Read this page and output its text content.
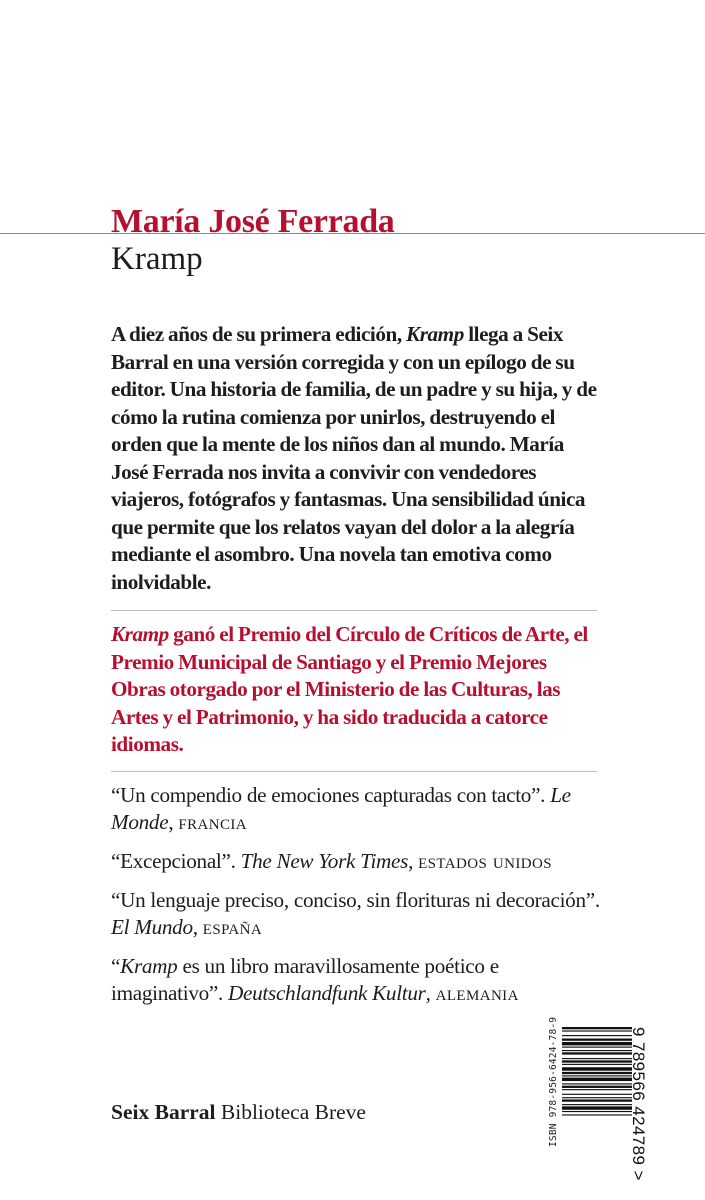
María José Ferrada
Kramp

A diez años de su primera edición, Kramp llega a Seix Barral en una versión corregida y con un epílogo de su editor. Una historia de familia, de un padre y su hija, y de cómo la rutina comienza por unirlos, destruyendo el orden que la mente de los niños dan al mundo. María José Ferrada nos invita a convivir con vendedores viajeros, fotógrafos y fantasmas. Una sensibilidad única que permite que los relatos vayan del dolor a la alegría mediante el asombro. Una novela tan emotiva como inolvidable.

Kramp ganó el Premio del Círculo de Críticos de Arte, el Premio Municipal de Santiago y el Premio Mejores Obras otorgado por el Ministerio de las Culturas, las Artes y el Patrimonio, y ha sido traducida a catorce idiomas.

“Un compendio de emociones capturadas con tacto”. Le Monde, francia

“Excepcional”. The New York Times, estados unidos

“Un lenguaje preciso, conciso, sin florituras ni decoración”. El Mundo, españa

“Kramp es un libro maravillosamente poético e imaginativo”. Deutschlandfunk Kultur, alemania

Seix Barral Biblioteca Breve	ISBN 978-956-6424-78-9	9 789566 424789 >
